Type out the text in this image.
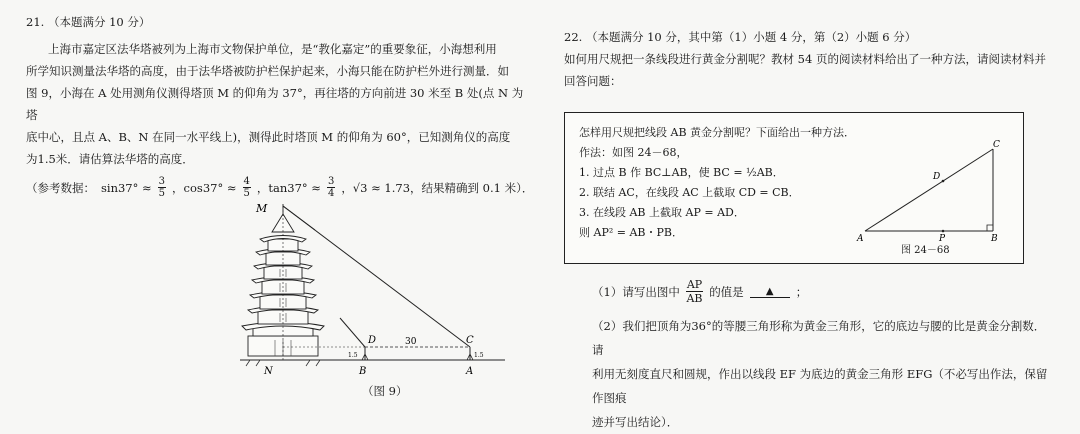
21. （本题满分 10 分）

上海市嘉定区法华塔被列为上海市文物保护单位，是“教化嘉定”的重要象征，小海想利用

所学知识测量法华塔的高度，由于法华塔被防护栏保护起来，小海只能在防护栏外进行测量．如

图 9，小海在 A 处用测角仪测得塔顶 M 的仰角为 37°，再往塔的方向前进 30 米至 B 处(点 N 为塔

底中心，且点 A、B、N 在同一水平线上)，测得此时塔顶 M 的仰角为 60°，已知测角仪的高度

为1.5米．请估算法华塔的高度．

（参考数据： $\sin 37^\circ \approx \frac{3}{5}$ ，$\cos 37^\circ \approx \frac{4}{5}$ ，$\tan 37^\circ \approx \frac{3}{4}$ ，√3 ≈ 1.73，结果精确到 0.1 米）．
M
D	C
30
1.5	1.5
N	B	A
（图 9）

22. （本题满分 10 分，其中第（1）小题 4 分，第（2）小题 6 分）

如何用尺规把一条线段进行黄金分割呢？教材 54 页的阅读材料给出了一种方法，请阅读材料并

回答问题：

怎样用尺规把线段 AB 黄金分割呢？下面给出一种方法．
作法：如图 24－68，
1. 过点 B 作 BC⊥AB，使 BC = ½AB．
2. 联结 AC，在线段 AC 上截取 CD = CB．
3. 在线段 AB 上截取 AP = AD．
则 AP² = AB・PB．	A	B
C
D
P
图 24－68
（1）请写出图中 $\frac{AP}{AB}$ 的值是	▲	；

（2）我们把顶角为36°的等腰三角形称为黄金三角形，它的底边与腰的比是黄金分割数．请

利用无刻度直尺和圆规，作出以线段 EF 为底边的黄金三角形 EFG（不必写出作法，保留作图痕

迹并写出结论）．
